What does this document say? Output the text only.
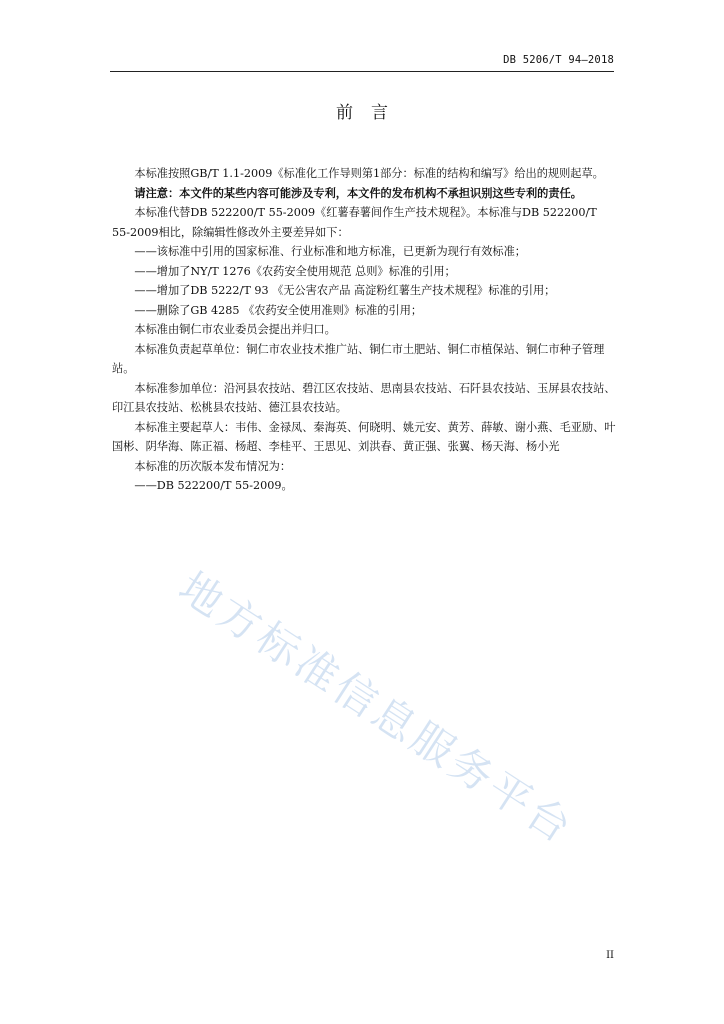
DB 5206/T 94—2018
前言

本标准按照GB/T 1.1-2009《标准化工作导则第1部分：标准的结构和编写》给出的规则起草。

请注意：本文件的某些内容可能涉及专利，本文件的发布机构不承担识别这些专利的责任。

本标准代替DB 522200/T 55-2009《红薯春薯间作生产技术规程》。本标准与DB 522200/T 55-2009相比，除编辑性修改外主要差异如下：

——该标准中引用的国家标准、行业标准和地方标准，已更新为现行有效标准；

——增加了NY/T 1276《农药安全使用规范 总则》标准的引用；

——增加了DB 5222/T 93 《无公害农产品 高淀粉红薯生产技术规程》标准的引用；

——删除了GB 4285 《农药安全使用准则》标准的引用；

本标准由铜仁市农业委员会提出并归口。

本标准负责起草单位：铜仁市农业技术推广站、铜仁市土肥站、铜仁市植保站、铜仁市种子管理站。

本标准参加单位：沿河县农技站、碧江区农技站、思南县农技站、石阡县农技站、玉屏县农技站、印江县农技站、松桃县农技站、德江县农技站。

本标准主要起草人：韦伟、金禄凤、秦海英、何晓明、姚元安、黄芳、薛敏、谢小燕、毛亚励、叶国彬、阴华海、陈正福、杨超、李桂平、王思见、刘洪春、黄正强、张翼、杨天海、杨小光

本标准的历次版本发布情况为：

——DB 522200/T 55-2009。

地方标准信息服务平台
II
